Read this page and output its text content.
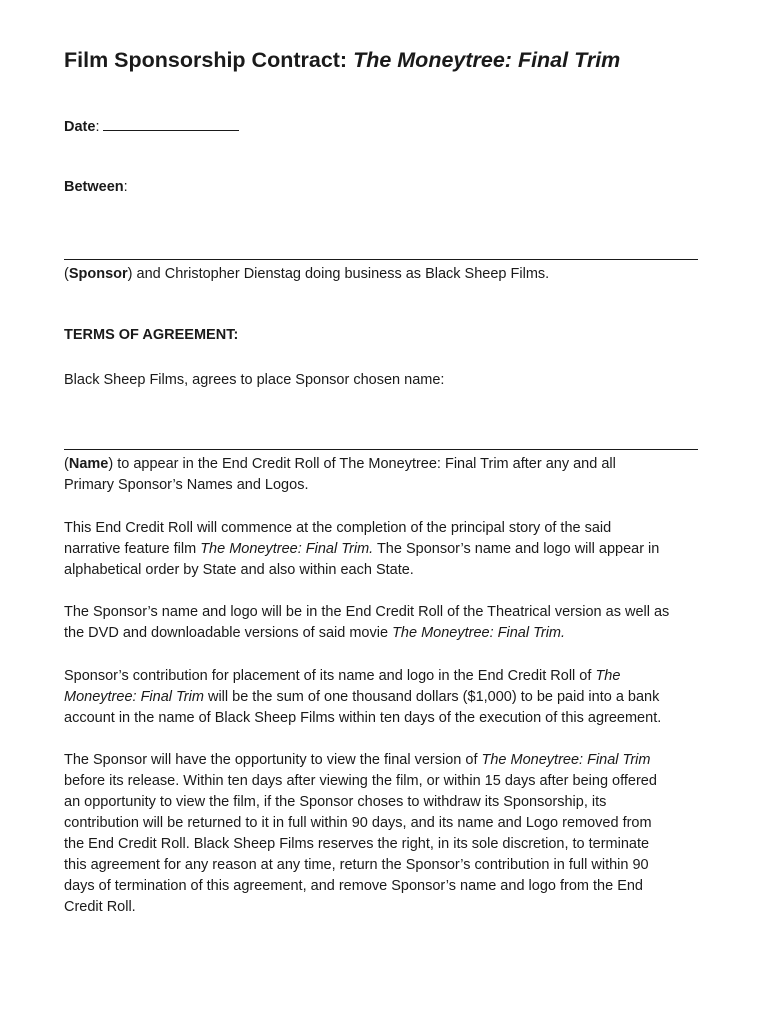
Film Sponsorship Contract: The Moneytree: Final Trim
Date:
Between:

(Sponsor) and Christopher Dienstag doing business as Black Sheep Films.

TERMS OF AGREEMENT:

Black Sheep Films, agrees to place Sponsor chosen name:

(Name) to appear in the End Credit Roll of The Moneytree: Final Trim after any and all
Primary Sponsor’s Names and Logos.

This End Credit Roll will commence at the completion of the principal story of the said
narrative feature film The Moneytree: Final Trim. The Sponsor’s name and logo will appear in
alphabetical order by State and also within each State.

The Sponsor’s name and logo will be in the End Credit Roll of the Theatrical version as well as
the DVD and downloadable versions of said movie The Moneytree: Final Trim.

Sponsor’s contribution for placement of its name and logo in the End Credit Roll of The
Moneytree: Final Trim will be the sum of one thousand dollars ($1,000) to be paid into a bank
account in the name of Black Sheep Films within ten days of the execution of this agreement.

The Sponsor will have the opportunity to view the final version of The Moneytree: Final Trim
before its release. Within ten days after viewing the film, or within 15 days after being offered
an opportunity to view the film, if the Sponsor choses to withdraw its Sponsorship, its
contribution will be returned to it in full within 90 days, and its name and Logo removed from
the End Credit Roll. Black Sheep Films reserves the right, in its sole discretion, to terminate
this agreement for any reason at any time, return the Sponsor’s contribution in full within 90
days of termination of this agreement, and remove Sponsor’s name and logo from the End
Credit Roll.
